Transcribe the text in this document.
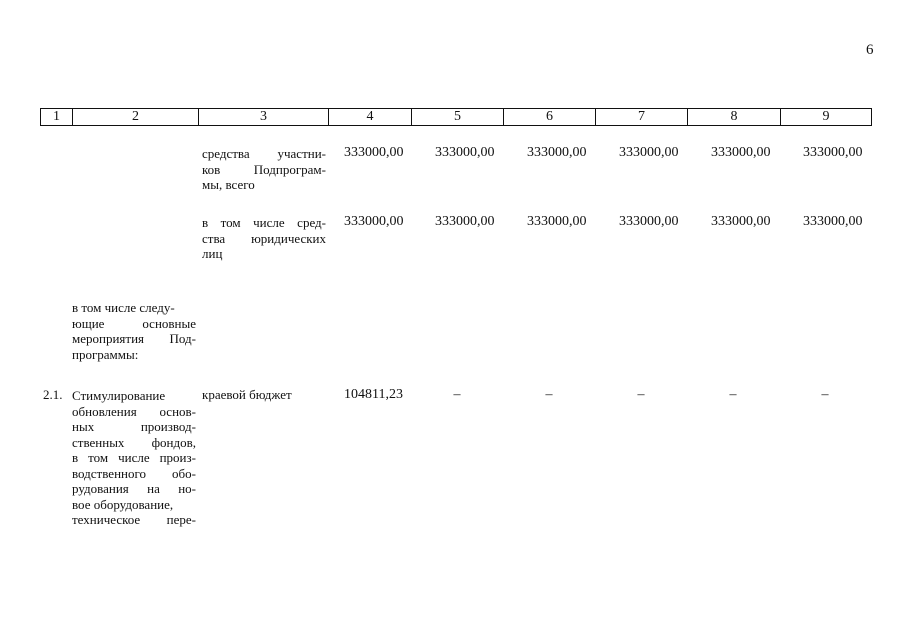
6
1	2	3	4	5	6	7	8	9
средства участни-
ков	Подпрограм-
мы, всего
333000,00 333000,00 333000,00 333000,00 333000,00 333000,00
в том числе сред-
ства юридических
лиц
333000,00 333000,00 333000,00 333000,00 333000,00 333000,00
в том числе следу-
ющие	основные
мероприятия Под-
программы:
2.1. Стимулирование
обновления основ-
ных	производ-
ственных фондов,
в том числе произ-
водственного обо-
рудования на но-
вое оборудование,
техническое пере-
краевой бюджет	104811,23	–	–	–	–	–
